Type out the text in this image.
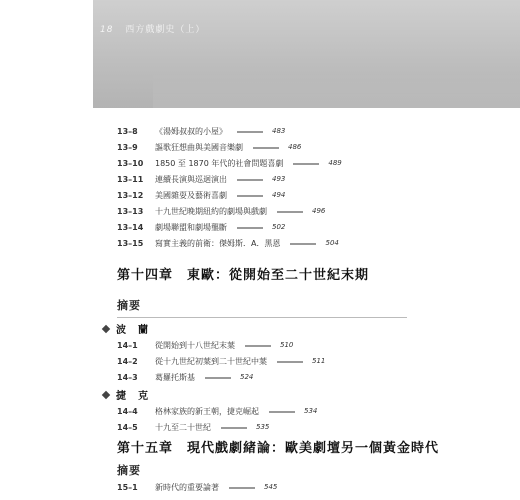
18 西方戲劇史（上）
13–8	《湯姆叔叔的小屋》	483
13–9	謳歌狂想曲與美國音樂劇	486
13–10	1850 至 1870 年代的社會問題喜劇	489
13–11	連續長演與巡迴演出	493
13–12	美國雜耍及藝術喜劇	494
13–13	十九世紀晚期紐約的劇場與戲劇	496
13–14	劇場聯盟和劇場壟斷	502
13–15	寫實主義的前衛：傑姆斯．A．黑恩	504
第十四章　東歐：從開始至二十世紀末期
摘要
波　蘭
14–1	從開始到十八世紀末葉	510
14–2	從十九世紀初葉到二十世紀中葉	511
14–3	葛羅托斯基	524
捷　克
14–4	格林家族的新王朝，捷克崛起	534
14–5	十九至二十世紀	535
第十五章　現代戲劇緒論：歐美劇壇另一個黃金時代
摘要
15–1	新時代的重要論著	545
